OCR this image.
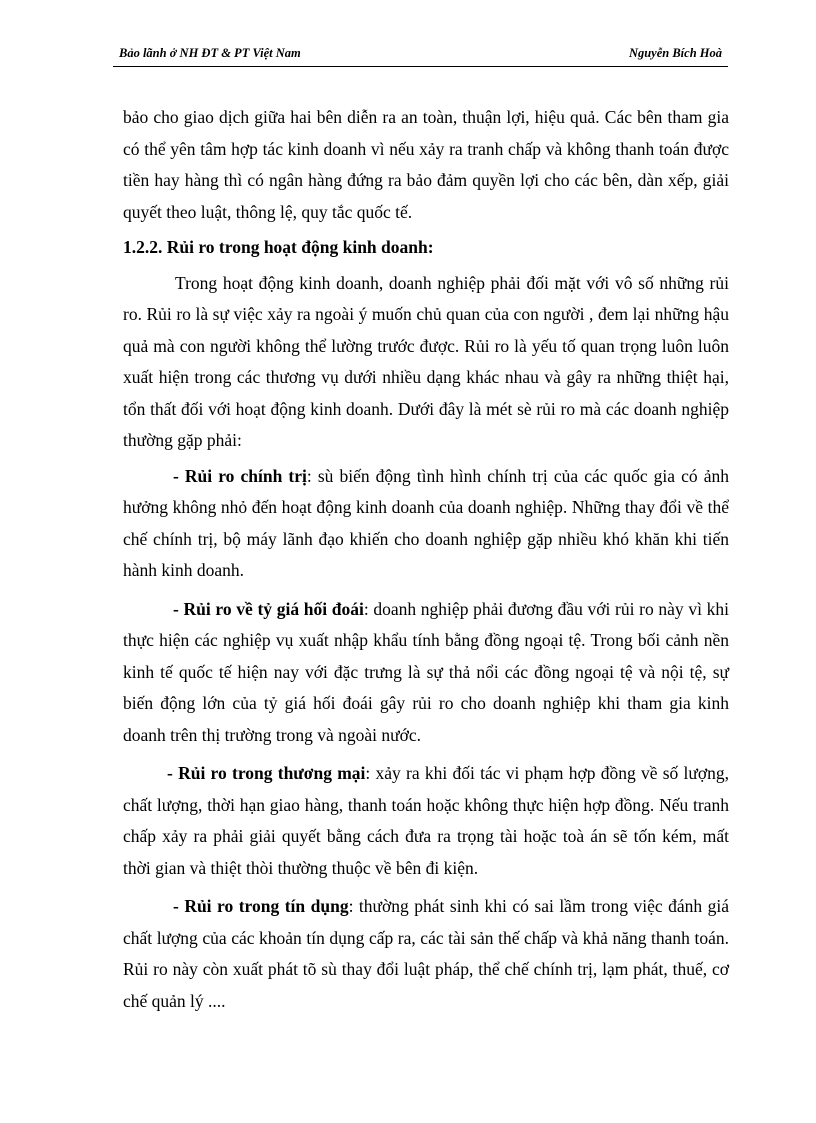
Bảo lãnh ở NH ĐT & PT Việt Nam	Nguyễn Bích Hoà

bảo cho giao dịch giữa hai bên diễn ra an toàn, thuận lợi, hiệu quả. Các bên tham gia có thể yên tâm hợp tác kinh doanh vì nếu xảy ra tranh chấp và không thanh toán được tiền hay hàng thì có ngân hàng đứng ra bảo đảm quyền lợi cho các bên, dàn xếp, giải quyết theo luật, thông lệ, quy tắc quốc tế.

1.2.2. Rủi ro trong hoạt động kinh doanh:

Trong hoạt động kinh doanh, doanh nghiệp phải đối mặt với vô số những rủi ro. Rủi ro là sự việc xảy ra ngoài ý muốn chủ quan của con người , đem lại những hậu quả mà con người không thể lường trước được. Rủi ro là yếu tố quan trọng luôn luôn xuất hiện trong các thương vụ dưới nhiều dạng khác nhau và gây ra những thiệt hại, tổn thất đối với hoạt động kinh doanh. Dưới đây là mét sè rủi ro mà các doanh nghiệp thường gặp phải:

- Rủi ro chính trị: sù biến động tình hình chính trị của các quốc gia có ảnh hưởng không nhỏ đến hoạt động kinh doanh của doanh nghiệp. Những thay đổi về thể chế chính trị, bộ máy lãnh đạo khiến cho doanh nghiệp gặp nhiều khó khăn khi tiến hành kinh doanh.

- Rủi ro về tỷ giá hối đoái: doanh nghiệp phải đương đầu với rủi ro này vì khi thực hiện các nghiệp vụ xuất nhập khẩu tính bằng đồng ngoại tệ. Trong bối cảnh nền kinh tế quốc tế hiện nay với đặc trưng là sự thả nổi các đồng ngoại tệ và nội tệ, sự biến động lớn của tỷ giá hối đoái gây rủi ro cho doanh nghiệp khi tham gia kinh doanh trên thị trường trong và ngoài nước.

- Rủi ro trong thương mại: xảy ra khi đối tác vi phạm hợp đồng về số lượng, chất lượng, thời hạn giao hàng, thanh toán hoặc không thực hiện hợp đồng. Nếu tranh chấp xảy ra phải giải quyết bằng cách đưa ra trọng tài hoặc toà án sẽ tốn kém, mất thời gian và thiệt thòi thường thuộc về bên đi kiện.

- Rủi ro trong tín dụng: thường phát sinh khi có sai lầm trong việc đánh giá chất lượng của các khoản tín dụng cấp ra, các tài sản thế chấp và khả năng thanh toán. Rủi ro này còn xuất phát tõ sù thay đổi luật pháp, thể chế chính trị, lạm phát, thuế, cơ chế quản lý ....
